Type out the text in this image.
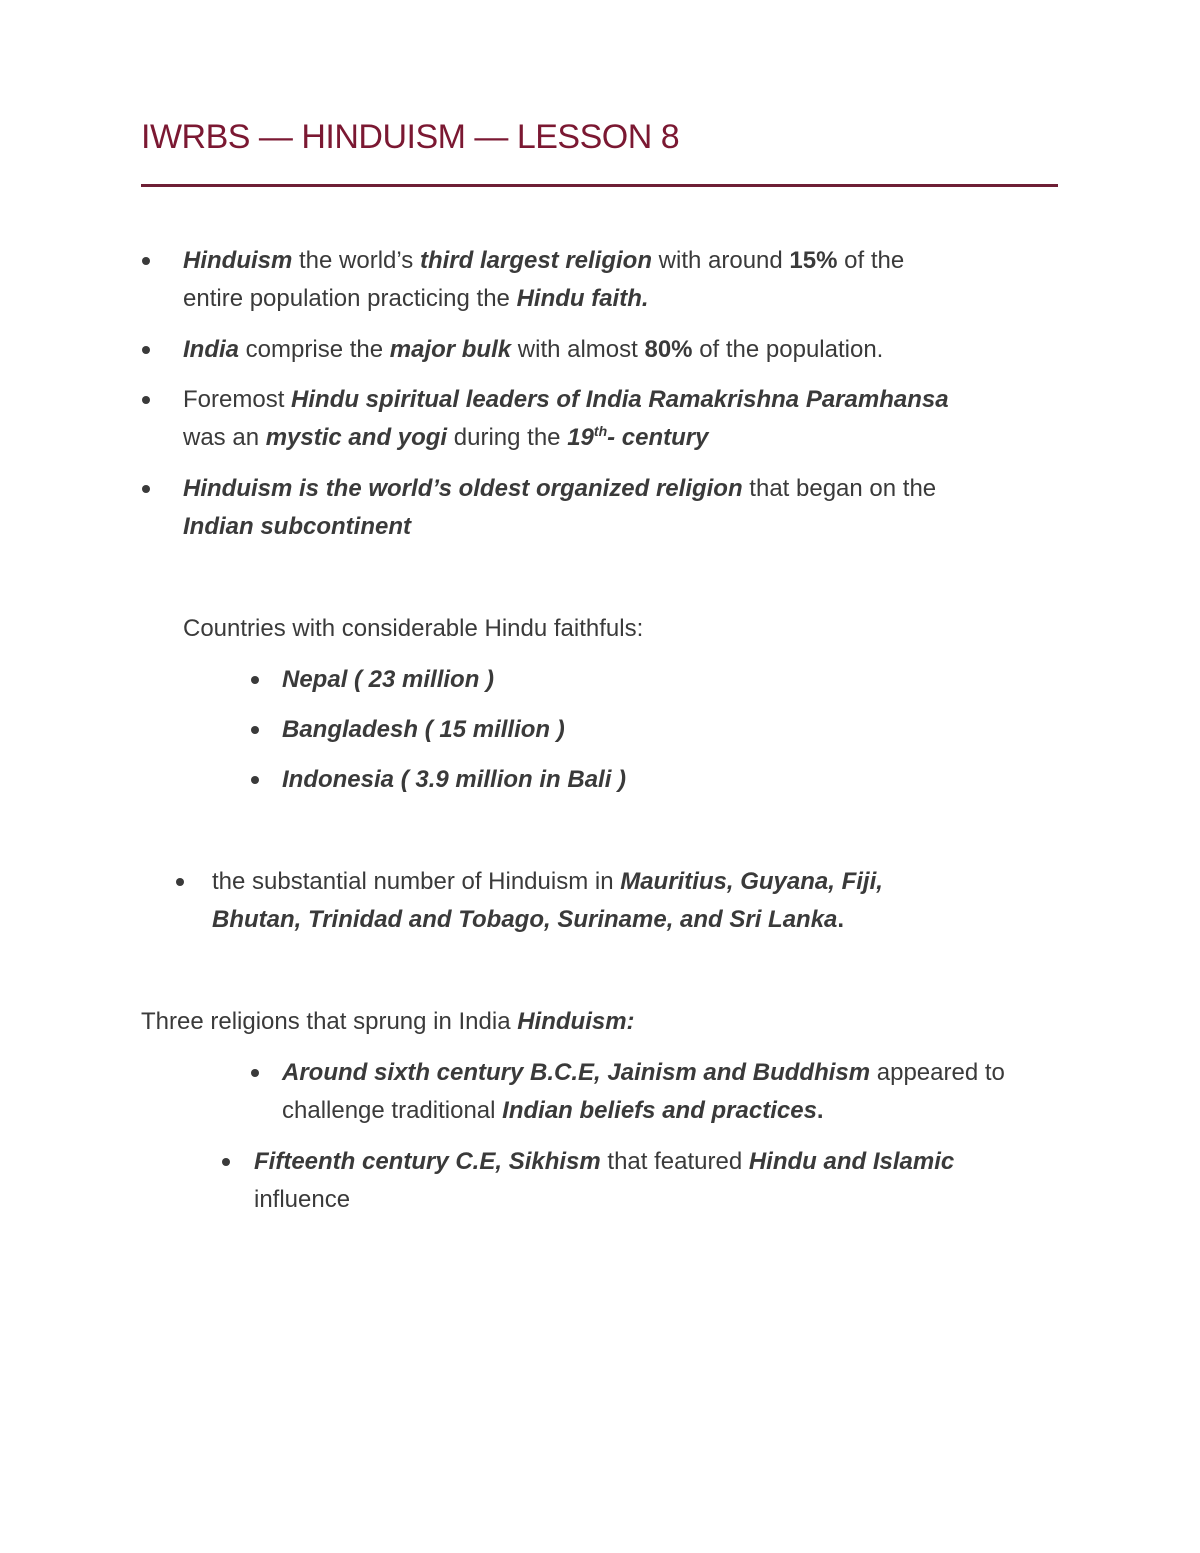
IWRBS — HINDUISM — LESSON 8
Hinduism the world’s third largest religion with around 15% of the
entire population practicing the Hindu faith.
India comprise the major bulk with almost 80% of the population.
Foremost Hindu spiritual leaders of India Ramakrishna Paramhansa
was an mystic and yogi during the 19th- century
Hinduism is the world’s oldest organized religion that began on the
Indian subcontinent
Countries with considerable Hindu faithfuls:
Nepal ( 23 million )
Bangladesh ( 15 million )
Indonesia ( 3.9 million in Bali )
the substantial number of Hinduism in Mauritius, Guyana, Fiji,
Bhutan, Trinidad and Tobago, Suriname, and Sri Lanka.
Three religions that sprung in India Hinduism:
Around sixth century B.C.E, Jainism and Buddhism appeared to
challenge traditional Indian beliefs and practices.
Fifteenth century C.E, Sikhism that featured Hindu and Islamic
influence
